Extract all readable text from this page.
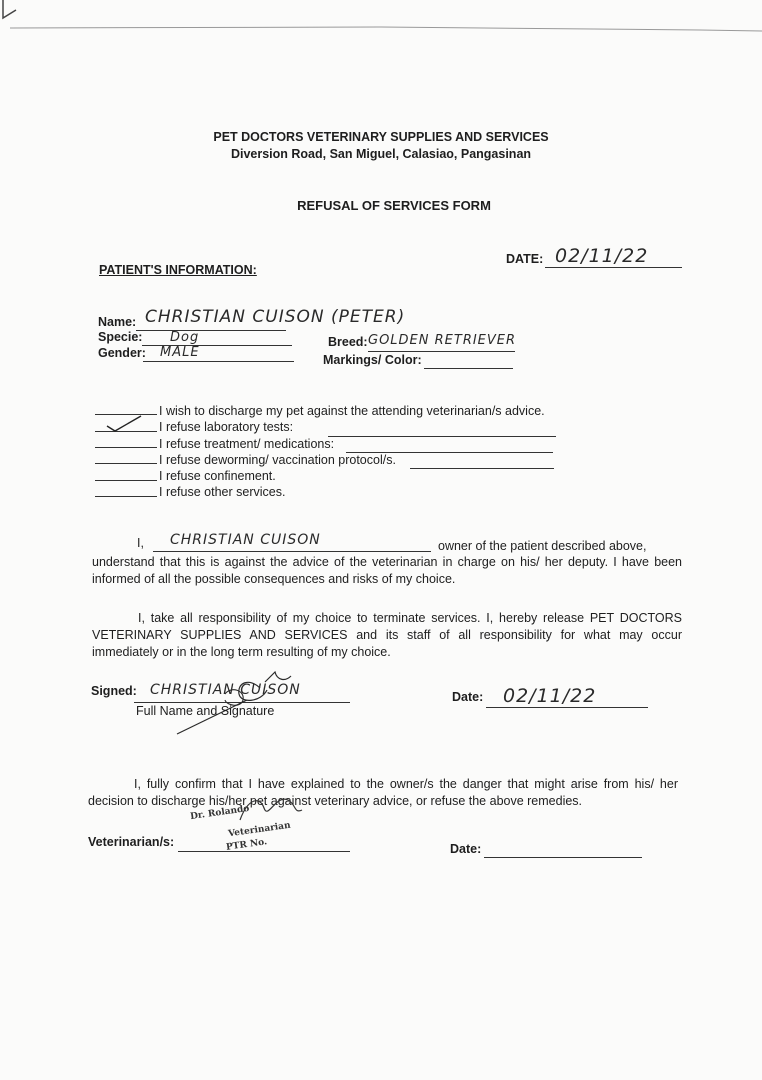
PET DOCTORS VETERINARY SUPPLIES AND SERVICES
Diversion Road, San Miguel, Calasiao, Pangasinan
REFUSAL OF SERVICES FORM
DATE: 02/11/22
PATIENT'S INFORMATION:
Name: CHRISTIAN CUISON (PETER)
Specie: Dog
Gender: MALE
Breed: GOLDEN RETRIEVER
Markings/ Color:
I wish to discharge my pet against the attending veterinarian/s advice.
I refuse laboratory tests:
I refuse treatment/ medications:
I refuse deworming/ vaccination protocol/s.
I refuse confinement.
I refuse other services.
I, CHRISTIAN CUISON	owner of the patient described above,
understand that this is against the advice of the veterinarian in charge on his/ her deputy. I have been informed of all the possible consequences and risks of my choice.
I, take all responsibility of my choice to terminate services. I, hereby release PET DOCTORS VETERINARY SUPPLIES AND SERVICES and its staff of all responsibility for what may occur immediately or in the long term resulting of my choice.
Signed: CHRISTIAN CUISON
Full Name and Signature
Date: 02/11/22
I, fully confirm that I have explained to the owner/s the danger that might arise from his/ her decision to discharge his/her pet against veterinary advice, or refuse the above remedies.
Dr. Rolando
Veterinarian
PTR No.
Veterinarian/s:	Date:
